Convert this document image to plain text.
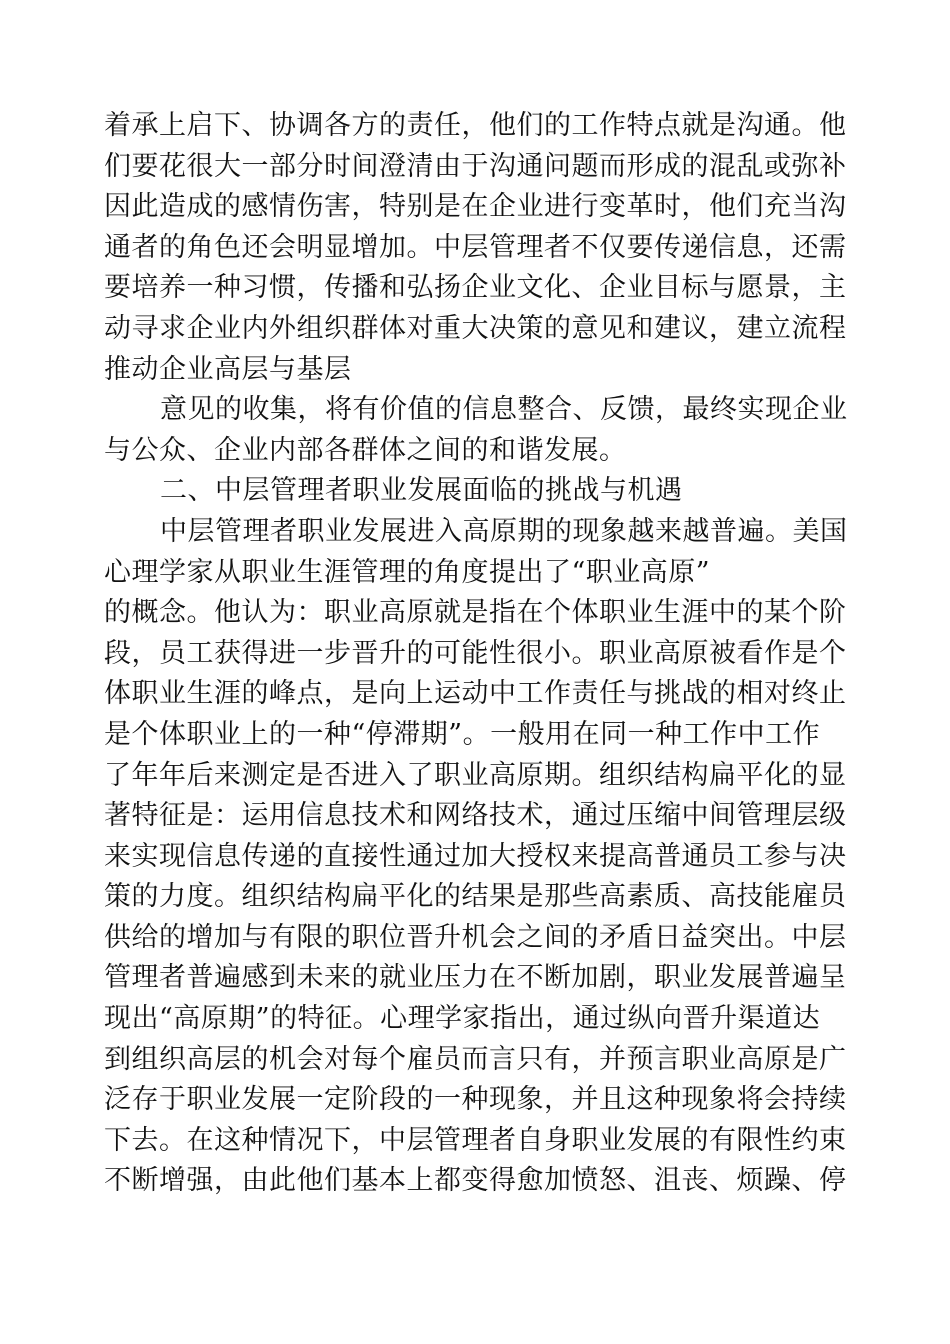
着承上启下、协调各方的责任，他们的工作特点就是沟通。他
们要花很大一部分时间澄清由于沟通问题而形成的混乱或弥补
因此造成的感情伤害，特别是在企业进行变革时，他们充当沟
通者的角色还会明显增加。中层管理者不仅要传递信息，还需
要培养一种习惯，传播和弘扬企业文化、企业目标与愿景，主
动寻求企业内外组织群体对重大决策的意见和建议，建立流程
推动企业高层与基层
意见的收集，将有价值的信息整合、反馈，最终实现企业
与公众、企业内部各群体之间的和谐发展。
二、中层管理者职业发展面临的挑战与机遇
中层管理者职业发展进入高原期的现象越来越普遍。美国
心理学家从职业生涯管理的角度提出了“职业高原”
的概念。他认为：职业高原就是指在个体职业生涯中的某个阶
段，员工获得进一步晋升的可能性很小。职业高原被看作是个
体职业生涯的峰点，是向上运动中工作责任与挑战的相对终止
是个体职业上的一种“停滞期”。一般用在同一种工作中工作
了年年后来测定是否进入了职业高原期。组织结构扁平化的显
著特征是：运用信息技术和网络技术，通过压缩中间管理层级
来实现信息传递的直接性通过加大授权来提高普通员工参与决
策的力度。组织结构扁平化的结果是那些高素质、高技能雇员
供给的增加与有限的职位晋升机会之间的矛盾日益突出。中层
管理者普遍感到未来的就业压力在不断加剧，职业发展普遍呈
现出“高原期”的特征。心理学家指出，通过纵向晋升渠道达
到组织高层的机会对每个雇员而言只有，并预言职业高原是广
泛存于职业发展一定阶段的一种现象，并且这种现象将会持续
下去。在这种情况下，中层管理者自身职业发展的有限性约束
不断增强，由此他们基本上都变得愈加愤怒、沮丧、烦躁、停
